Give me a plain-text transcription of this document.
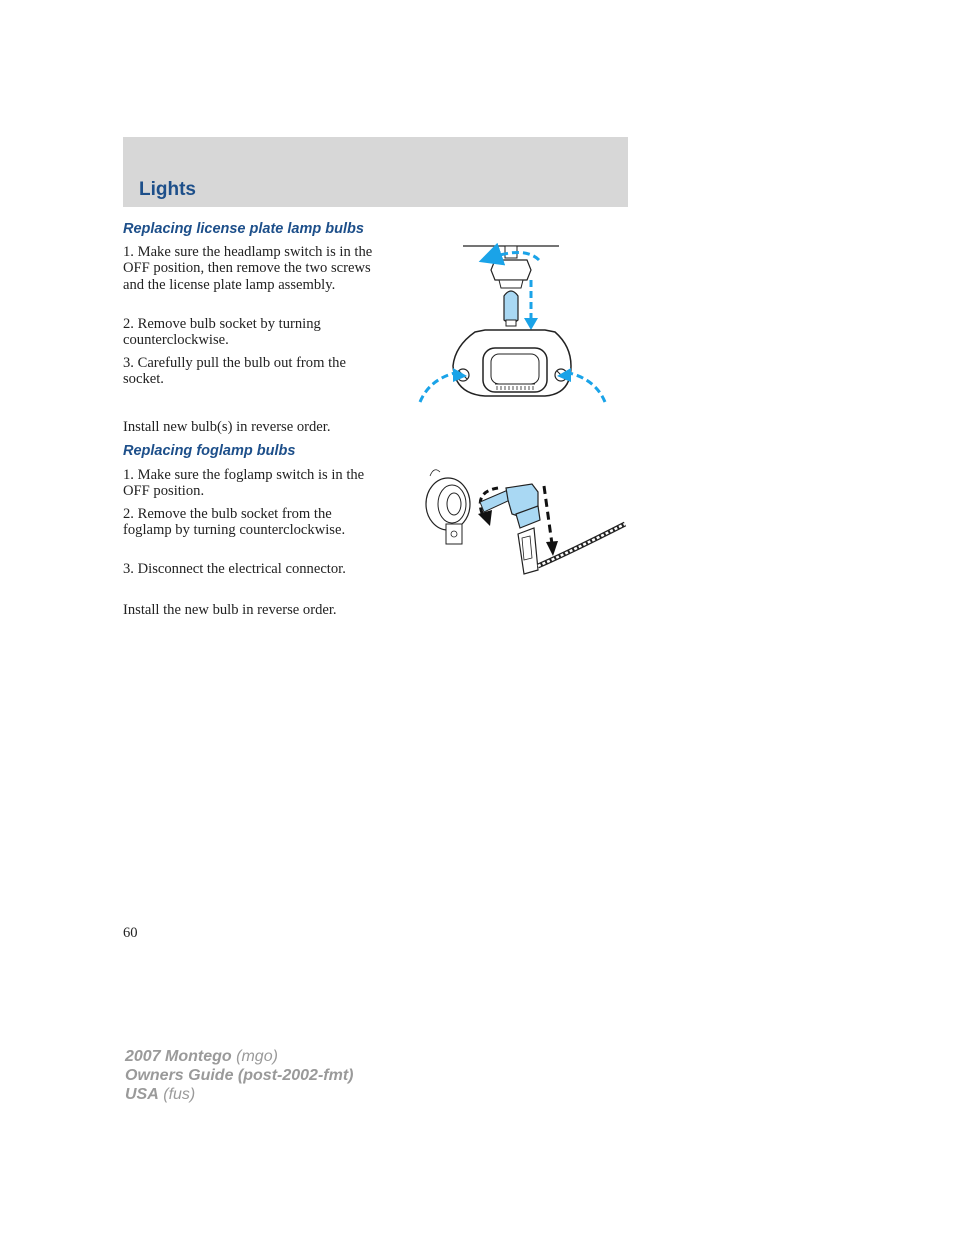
Lights
Replacing license plate lamp bulbs

1. Make sure the headlamp switch is in the OFF position, then remove the two screws and the license plate lamp assembly.

2. Remove bulb socket by turning counterclockwise.

3. Carefully pull the bulb out from the socket.

Install new bulb(s) in reverse order.

Replacing foglamp bulbs

1. Make sure the foglamp switch is in the OFF position.

2. Remove the bulb socket from the foglamp by turning counterclockwise.

3. Disconnect the electrical connector.

Install the new bulb in reverse order.

60
2007 Montego (mgo)
Owners Guide (post-2002-fmt)
USA (fus)
